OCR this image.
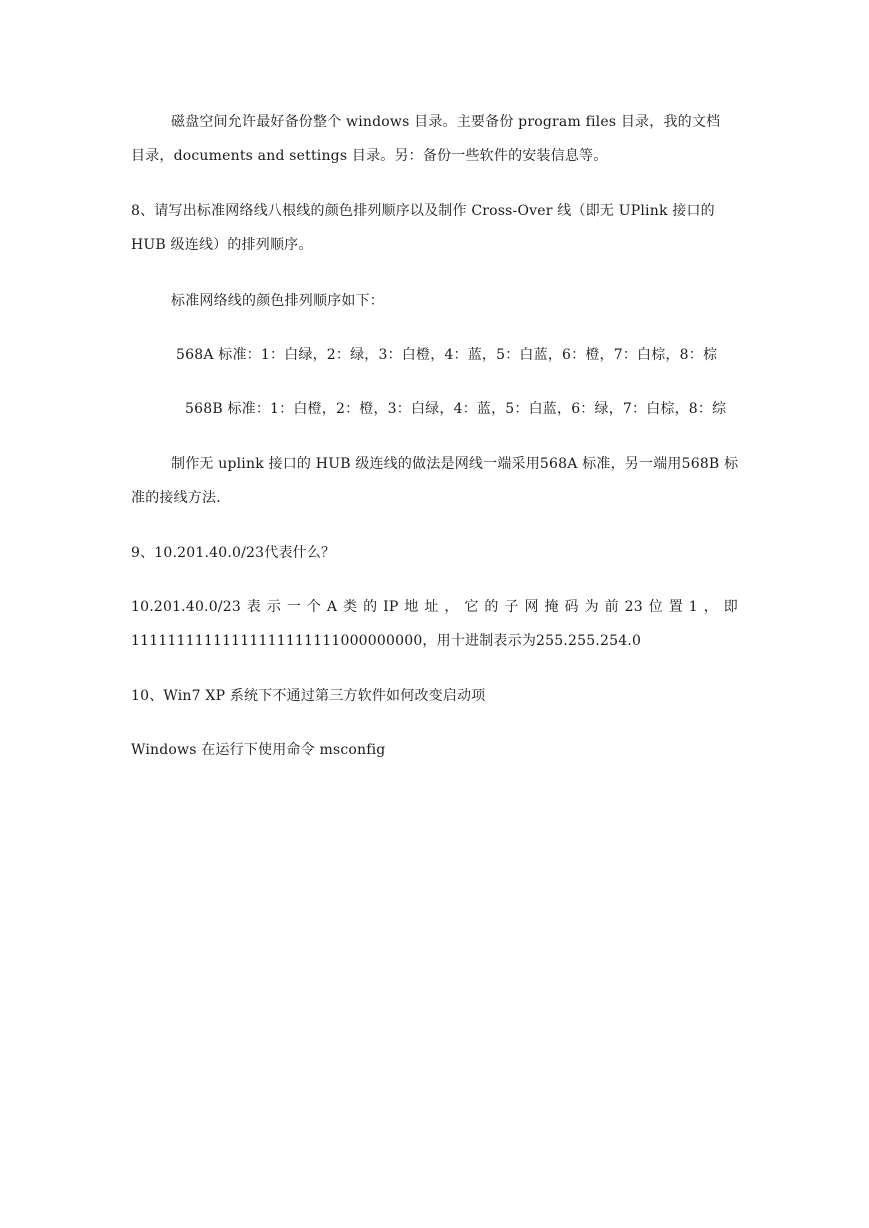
磁盘空间允许最好备份整个 windows 目录。主要备份 program files 目录，我的文档
目录，documents and settings 目录。另：备份一些软件的安装信息等。
8、请写出标准网络线八根线的颜色排列顺序以及制作 Cross-Over 线（即无 UPlink 接口的
HUB 级连线）的排列顺序。
标准网络线的颜色排列顺序如下：
568A 标准：1：白绿，2：绿，3：白橙，4：蓝，5：白蓝，6：橙，7：白棕，8：棕
568B 标准：1：白橙，2：橙，3：白绿，4：蓝，5：白蓝，6：绿，7：白棕，8：综
制作无 uplink 接口的 HUB 级连线的做法是网线一端采用568A 标准，另一端用568B 标
准的接线方法.
9、10.201.40.0/23代表什么？
10.201.40.0/23 表 示 一 个 A 类 的 IP 地 址 ， 它 的 子 网 掩 码 为 前 23 位 置 1 ， 即
11111111111111111111111000000000，用十进制表示为255.255.254.0
10、Win7 XP 系统下不通过第三方软件如何改变启动项
Windows 在运行下使用命令 msconfig
